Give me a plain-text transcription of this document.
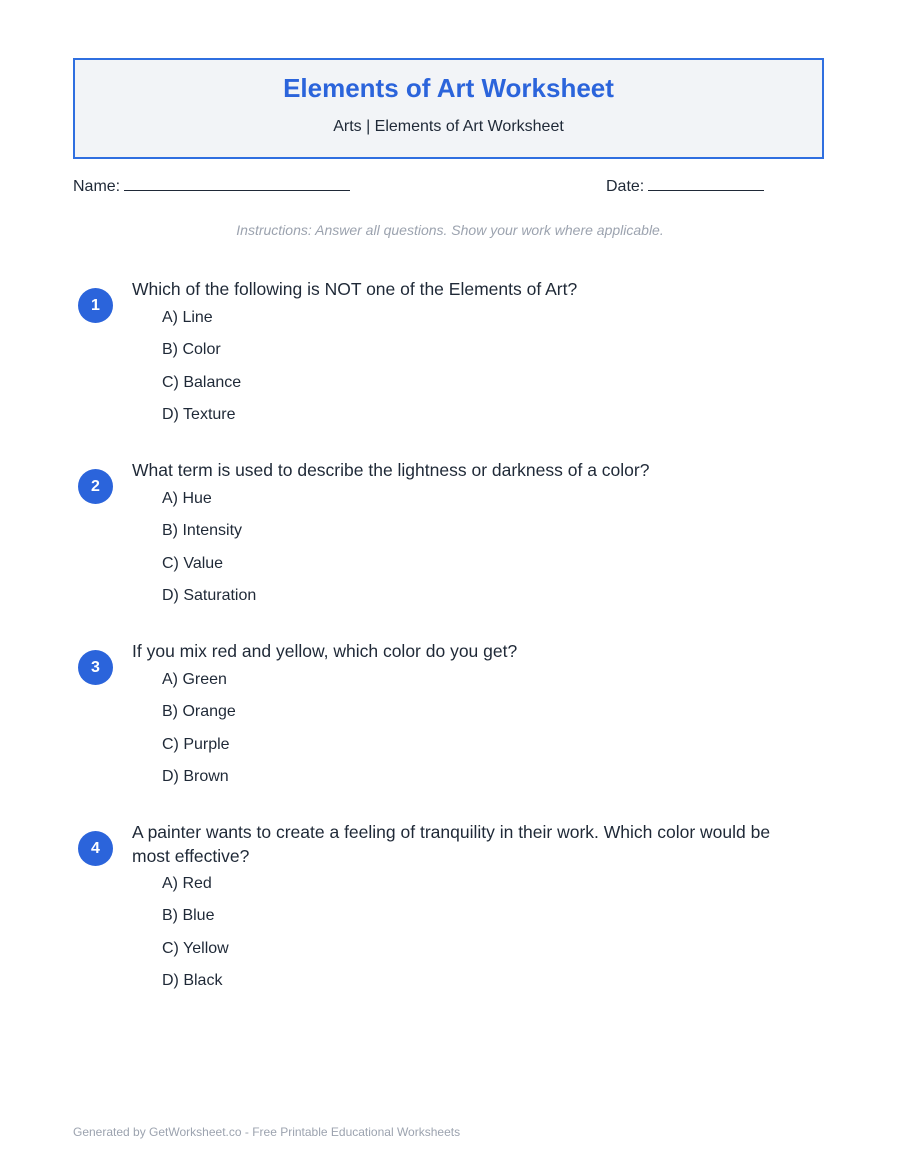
Elements of Art Worksheet
Arts | Elements of Art Worksheet
Name:	Date:
Instructions: Answer all questions. Show your work where applicable.
1
Which of the following is NOT one of the Elements of Art?
A) Line
B) Color
C) Balance
D) Texture
2
What term is used to describe the lightness or darkness of a color?
A) Hue
B) Intensity
C) Value
D) Saturation
3
If you mix red and yellow, which color do you get?
A) Green
B) Orange
C) Purple
D) Brown
4
A painter wants to create a feeling of tranquility in their work. Which color would be most effective?
A) Red
B) Blue
C) Yellow
D) Black
Generated by GetWorksheet.co - Free Printable Educational Worksheets
